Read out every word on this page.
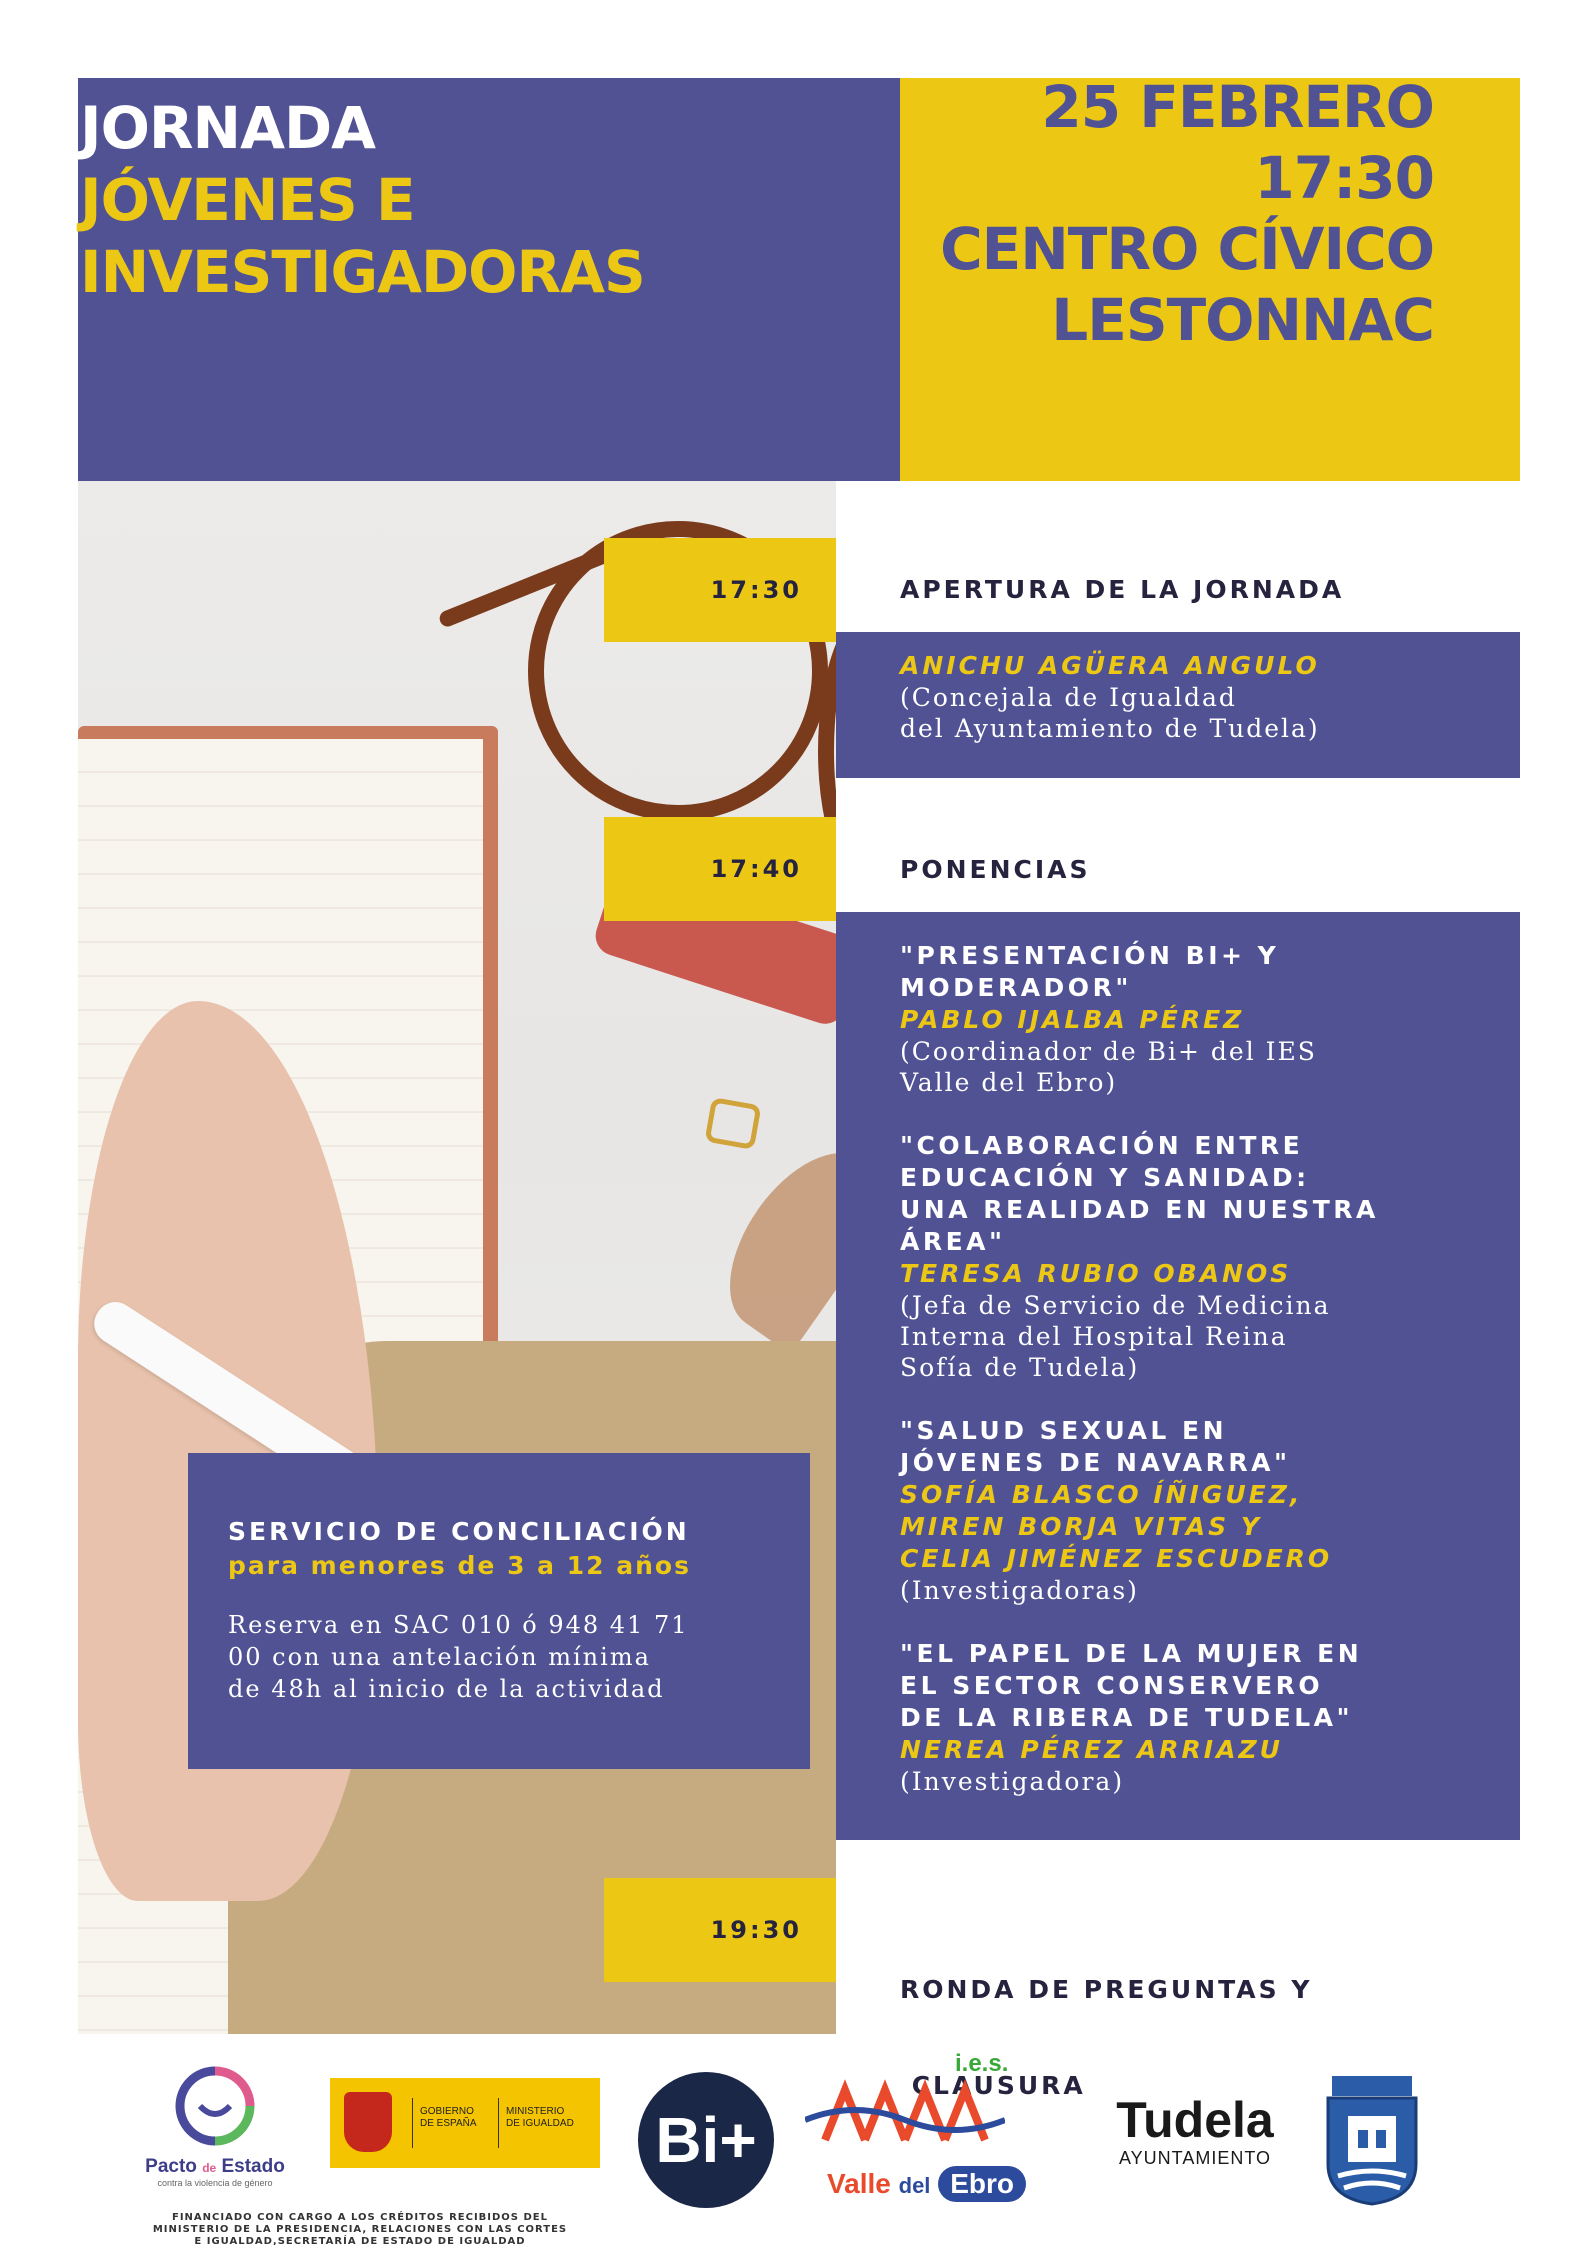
JORNADA
JÓVENES E
INVESTIGADORAS
25 FEBRERO
17:30
CENTRO CÍVICO
LESTONNAC
17:30	APERTURA DE LA JORNADA
ANICHU AGÜERA ANGULO
(Concejala de Igualdad
del Ayuntamiento de Tudela)
17:40	PONENCIAS
"PRESENTACIÓN BI+ Y
MODERADOR"
PABLO IJALBA PÉREZ
(Coordinador de Bi+ del IES
Valle del Ebro)
"COLABORACIÓN ENTRE
EDUCACIÓN Y SANIDAD:
UNA REALIDAD EN NUESTRA
ÁREA"
TERESA RUBIO OBANOS
(Jefa de Servicio de Medicina
Interna del Hospital Reina
Sofía de Tudela)
"SALUD SEXUAL EN
JÓVENES DE NAVARRA"
SOFÍA BLASCO ÍÑIGUEZ,
MIREN BORJA VITAS Y
CELIA JIMÉNEZ ESCUDERO
(Investigadoras)
"EL PAPEL DE LA MUJER EN
EL SECTOR CONSERVERO
DE LA RIBERA DE TUDELA"
NEREA PÉREZ ARRIAZU
(Investigadora)
SERVICIO DE CONCILIACIÓN
para menores de 3 a 12 años
Reserva en SAC 010 ó 948 41 71
00 con una antelación mínima
de 48h al inicio de la actividad
19:30

RONDA DE PREGUNTAS Y

CLAUSURA

Pacto de Estado
contra la violencia de género
GOBIERNO
DE ESPAÑA
MINISTERIO
DE IGUALDAD Bi+
i.e.s.
Valle del Ebro
Tudela
AYUNTAMIENTO
FINANCIADO CON CARGO A LOS CRÉDITOS RECIBIDOS DEL
MINISTERIO DE LA PRESIDENCIA, RELACIONES CON LAS CORTES
E IGUALDAD,SECRETARÍA DE ESTADO DE IGUALDAD
